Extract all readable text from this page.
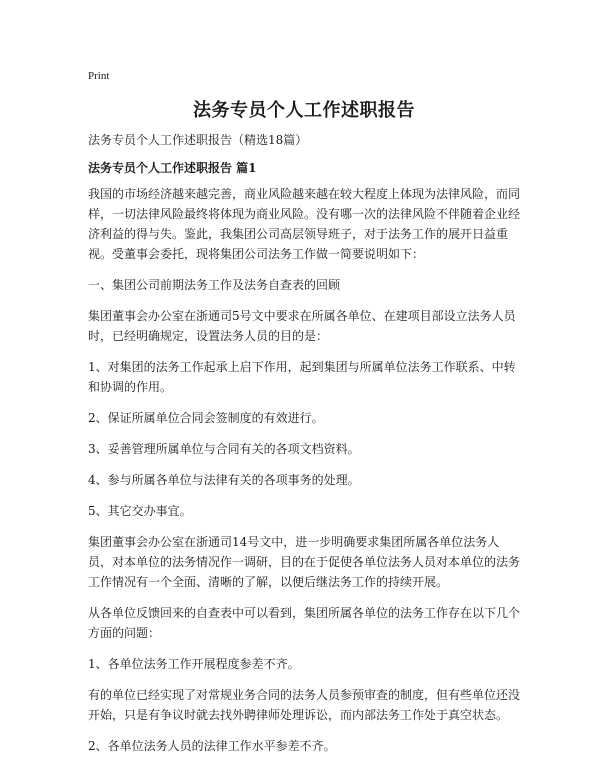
Print
法务专员个人工作述职报告
法务专员个人工作述职报告（精选18篇）
法务专员个人工作述职报告 篇1

我国的市场经济越来越完善，商业风险越来越在较大程度上体现为法律风险，而同样，一切法律风险最终将体现为商业风险。没有哪一次的法律风险不伴随着企业经济利益的得与失。鉴此，我集团公司高层领导班子，对于法务工作的展开日益重视。受董事会委托，现将集团公司法务工作做一简要说明如下：

一、集团公司前期法务工作及法务自查表的回顾

集团董事会办公室在浙通司5号文中要求在所属各单位、在建项目部设立法务人员时，已经明确规定，设置法务人员的目的是：

1、对集团的法务工作起承上启下作用，起到集团与所属单位法务工作联系、中转和协调的作用。

2、保证所属单位合同会签制度的有效进行。

3、妥善管理所属单位与合同有关的各项文档资料。

4、参与所属各单位与法律有关的各项事务的处理。

5、其它交办事宜。

集团董事会办公室在浙通司14号文中，进一步明确要求集团所属各单位法务人员，对本单位的法务情况作一调研，目的在于促使各单位法务人员对本单位的法务工作情况有一个全面、清晰的了解，以便后继法务工作的持续开展。

从各单位反馈回来的自查表中可以看到，集团所属各单位的法务工作存在以下几个方面的问题：

1、各单位法务工作开展程度参差不齐。

有的单位已经实现了对常规业务合同的法务人员参预审查的制度，但有些单位还没开始，只是有争议时就去找外聘律师处理诉讼，而内部法务工作处于真空状态。

2、各单位法务人员的法律工作水平参差不齐。
